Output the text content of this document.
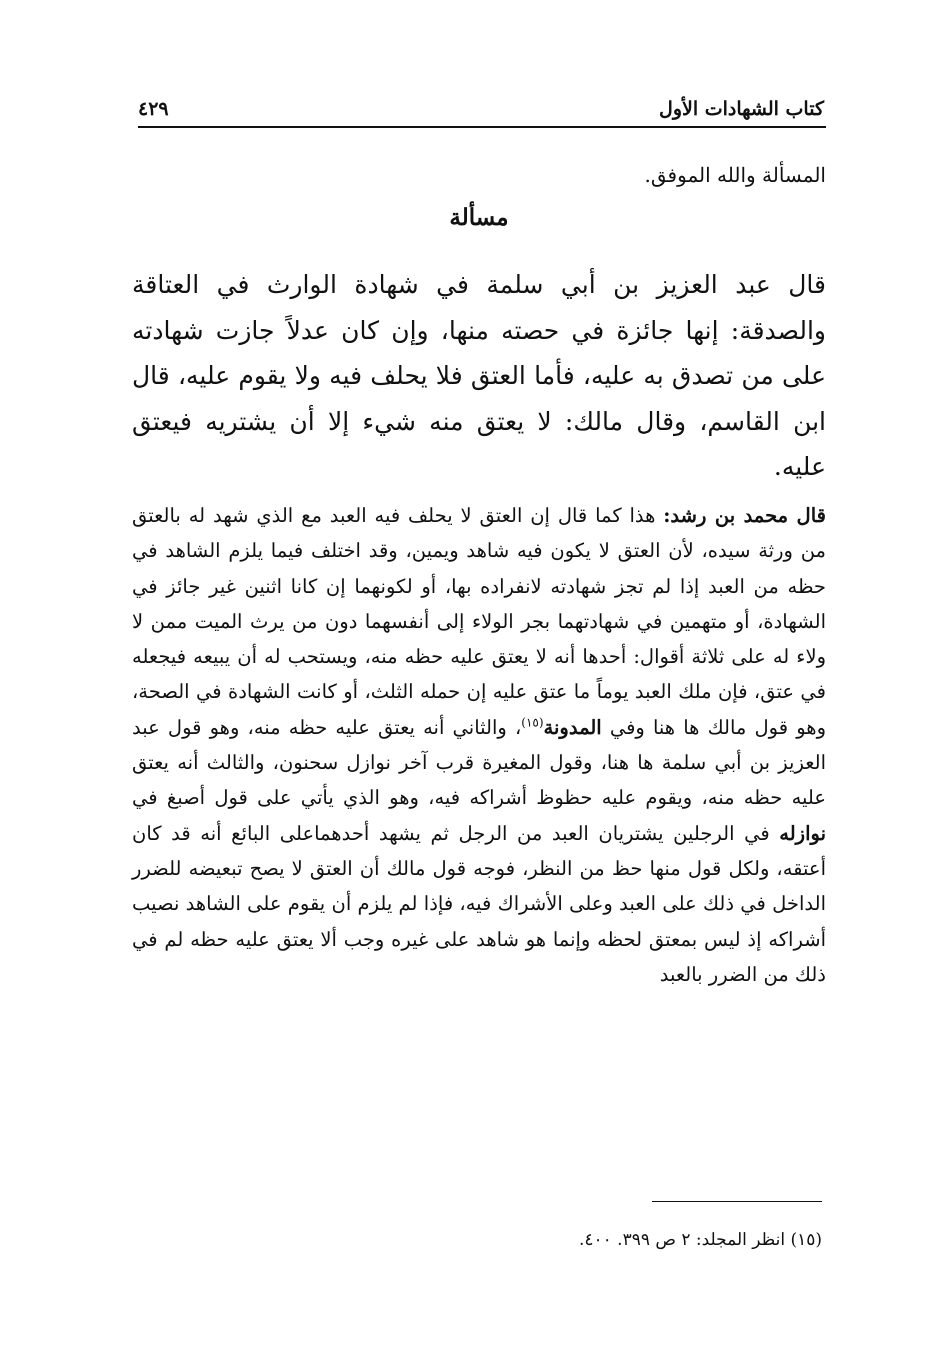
كتاب الشهادات الأول
٤٢٩
المسألة والله الموفق.
مسألة
قال عبد العزيز بن أبي سلمة في شهادة الوارث في العتاقة والصدقة: إنها جائزة في حصته منها، وإن كان عدلاً جازت شهادته على من تصدق به عليه، فأما العتق فلا يحلف فيه ولا يقوم عليه، قال ابن القاسم، وقال مالك: لا يعتق منه شيء إلا أن يشتريه فيعتق عليه.
قال محمد بن رشد: هذا كما قال إن العتق لا يحلف فيه العبد مع الذي شهد له بالعتق من ورثة سيده، لأن العتق لا يكون فيه شاهد ويمين، وقد اختلف فيما يلزم الشاهد في حظه من العبد إذا لم تجز شهادته لانفراده بها، أو لكونهما إن كانا اثنين غير جائز في الشهادة، أو متهمين في شهادتهما بجر الولاء إلى أنفسهما دون من يرث الميت ممن لا ولاء له على ثلاثة أقوال: أحدها أنه لا يعتق عليه حظه منه، ويستحب له أن يبيعه فيجعله في عتق، فإن ملك العبد يوماً ما عتق عليه إن حمله الثلث، أو كانت الشهادة في الصحة، وهو قول مالك ها هنا وفي المدونة$^{(١٥)}$، والثاني أنه يعتق عليه حظه منه، وهو قول عبد العزيز بن أبي سلمة ها هنا، وقول المغيرة قرب آخر نوازل سحنون، والثالث أنه يعتق عليه حظه منه، ويقوم عليه حظوظ أشراكه فيه، وهو الذي يأتي على قول أصبغ في نوازله في الرجلين يشتريان العبد من الرجل ثم يشهد أحدهماعلى البائع أنه قد كان أعتقه، ولكل قول منها حظ من النظر، فوجه قول مالك أن العتق لا يصح تبعيضه للضرر الداخل في ذلك على العبد وعلى الأشراك فيه، فإذا لم يلزم أن يقوم على الشاهد نصيب أشراكه إذ ليس بمعتق لحظه وإنما هو شاهد على غيره وجب ألا يعتق عليه حظه لم في ذلك من الضرر بالعبد
(١٥) انظر المجلد: ٢ ص ٣٩٩. ٤٠٠.
